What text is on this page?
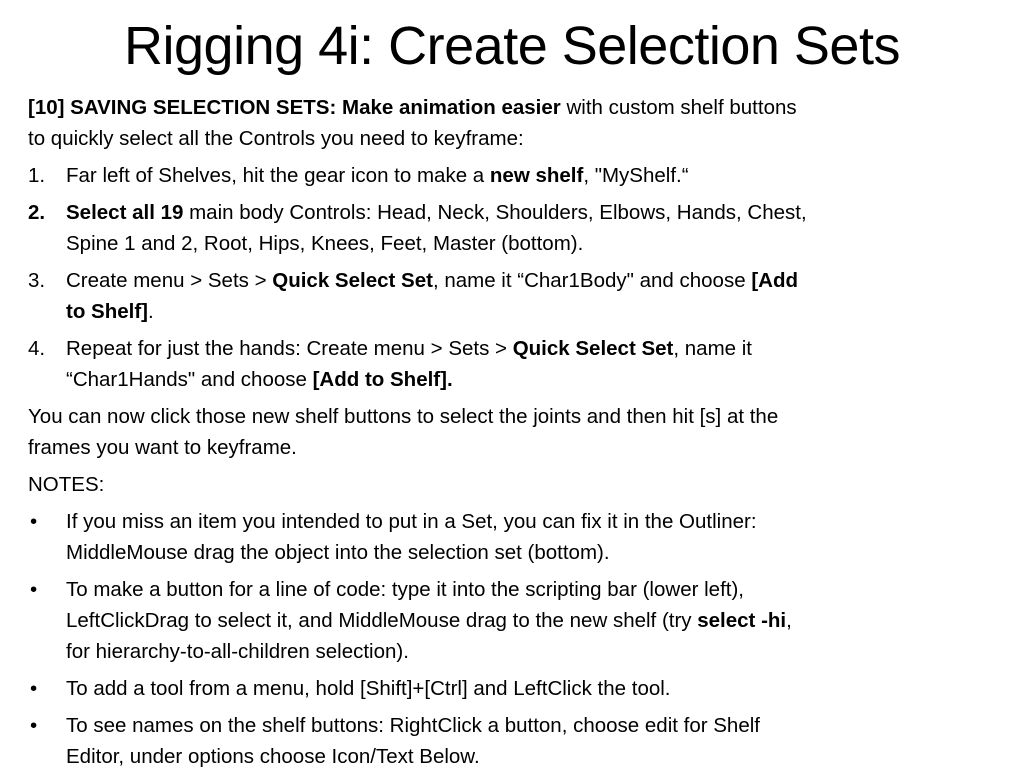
Rigging 4i: Create Selection Sets

[10] SAVING SELECTION SETS: Make animation easier with custom shelf buttons to quickly select all the Controls you need to keyframe:

1.	Far left of Shelves, hit the gear icon to make a new shelf, "MyShelf.“
2.	Select all 19 main body Controls: Head, Neck, Shoulders, Elbows, Hands, Chest, Spine 1 and 2, Root, Hips, Knees, Feet, Master (bottom).
3.	Create menu > Sets > Quick Select Set, name it “Char1Body" and choose [Add to Shelf].
4.	Repeat for just the hands: Create menu > Sets > Quick Select Set, name it “Char1Hands" and choose [Add to Shelf].

You can now click those new shelf buttons to select the joints and then hit [s] at the frames you want to keyframe.

NOTES:

•	If you miss an item you intended to put in a Set, you can fix it in the Outliner: MiddleMouse drag the object into the selection set (bottom).
•	To make a button for a line of code: type it into the scripting bar (lower left), LeftClickDrag to select it, and MiddleMouse drag to the new shelf (try select -hi, for hierarchy-to-all-children selection).
•	To add a tool from a menu, hold [Shift]+[Ctrl] and LeftClick the tool.
•	To see names on the shelf buttons: RightClick a button, choose edit for Shelf Editor, under options choose Icon/Text Below.
